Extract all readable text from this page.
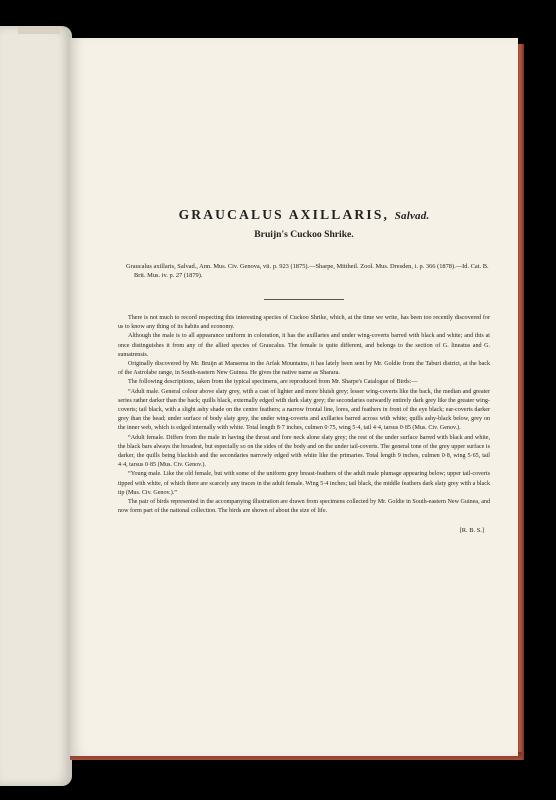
GRAUCALUS AXILLARIS, Salvad.
Bruijn's Cuckoo Shrike.
Graucalus axillaris, Salvad., Ann. Mus. Civ. Genova, vii. p. 923 (1875).—Sharpe, Mittheil. Zool. Mus. Dresden, i. p. 366 (1878).—Id. Cat. B. Brit. Mus. iv. p. 27 (1879).

There is not much to record respecting this interesting species of Cuckoo Shrike, which, at the time we write, has been too recently discovered for us to know any thing of its habits and economy.

Although the male is to all appearance uniform in coloration, it has the axillaries and under wing-coverts barred with black and white; and this at once distinguishes it from any of the allied species of Graucalus. The female is quite different, and belongs to the section of G. lineatus and G. sumatrensis.

Originally discovered by Mr. Bruijn at Mansema in the Arfak Mountains, it has lately been sent by Mr. Goldie from the Taburi district, at the back of the Astrolabe range, in South-eastern New Guinea. He gives the native name as Sharara.

The following descriptions, taken from the typical specimens, are reproduced from Mr. Sharpe's Catalogue of Birds:—

“Adult male. General colour above slaty grey, with a cast of lighter and more bluish grey; lesser wing-coverts like the back, the median and greater series rather darker than the back; quills black, externally edged with dark slaty grey; the secondaries outwardly entirely dark grey like the greater wing-coverts; tail black, with a slight ashy shade on the centre feathers; a narrow frontal line, lores, and feathers in front of the eye black; ear-coverts darker grey than the head; under surface of body slaty grey, the under wing-coverts and axillaries barred across with white; quills ashy-black below, grey on the inner web, which is edged internally with white. Total length 8·7 inches, culmen 0·75, wing 5·4, tail 4·4, tarsus 0·85 (Mus. Civ. Genov.).

“Adult female. Differs from the male in having the throat and fore neck alone slaty grey; the rest of the under surface barred with black and white, the black bars always the broadest, but especially so on the sides of the body and on the under tail-coverts. The general tone of the grey upper surface is darker, the quills being blackish and the secondaries narrowly edged with white like the primaries. Total length 9 inches, culmen 0·8, wing 5·65, tail 4·4, tarsus 0·85 (Mus. Civ. Genov.).

“Young male. Like the old female, but with some of the uniform grey breast-feathers of the adult male plumage appearing below; upper tail-coverts tipped with white, of which there are scarcely any traces in the adult female. Wing 5·4 inches; tail black, the middle feathers dark slaty grey with a black tip (Mus. Civ. Genov.).”

The pair of birds represented in the accompanying illustration are drawn from specimens collected by Mr. Goldie in South-eastern New Guinea, and now form part of the national collection. The birds are shown of about the size of life.

[R. B. S.]
